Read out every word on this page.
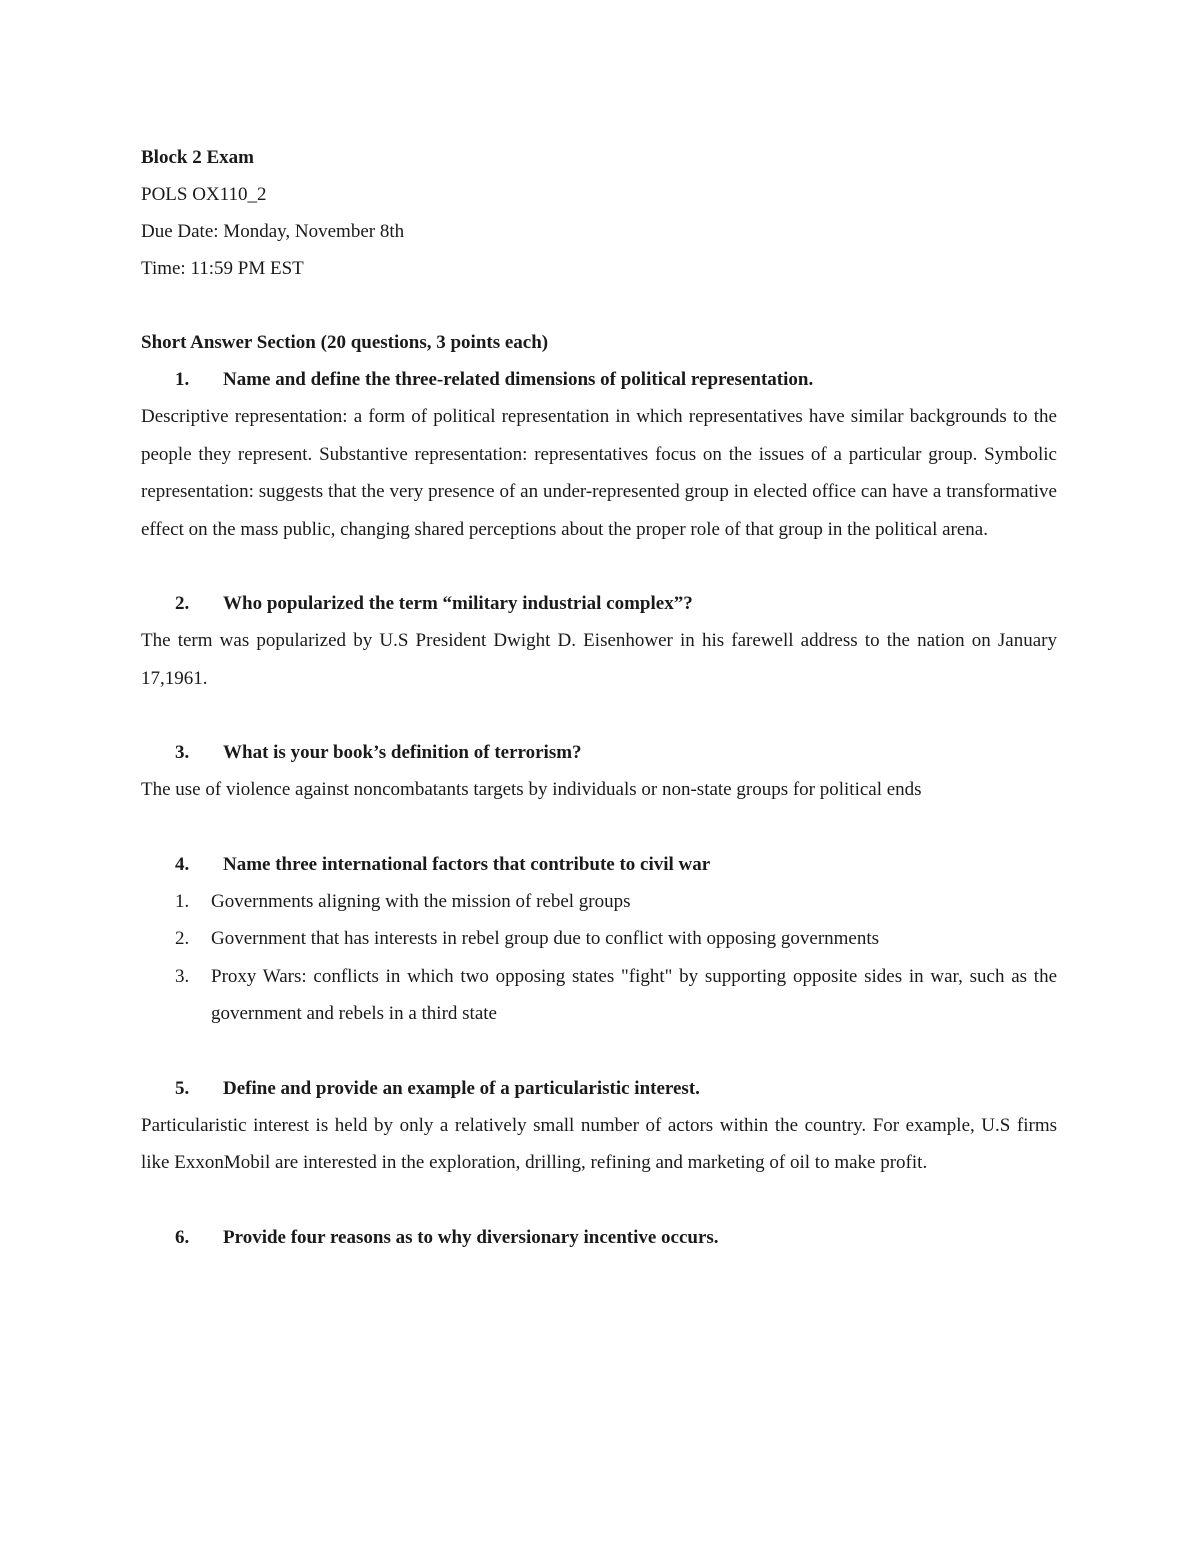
Block 2 Exam

POLS OX110_2

Due Date: Monday, November 8th

Time: 11:59 PM EST

Short Answer Section (20 questions, 3 points each)

1.	Name and define the three-related dimensions of political representation.

Descriptive representation: a form of political representation in which representatives have similar backgrounds to the people they represent. Substantive representation: representatives focus on the issues of a particular group. Symbolic representation: suggests that the very presence of an under-represented group in elected office can have a transformative effect on the mass public, changing shared perceptions about the proper role of that group in the political arena.

2.	Who popularized the term “military industrial complex”?

The term was popularized by U.S President Dwight D. Eisenhower in his farewell address to the nation on January 17,1961.

3.	What is your book’s definition of terrorism?

The use of violence against noncombatants targets by individuals or non-state groups for political ends

4.	Name three international factors that contribute to civil war
1.	Governments aligning with the mission of rebel groups
2.	Government that has interests in rebel group due to conflict with opposing governments
3.	Proxy Wars: conflicts in which two opposing states "fight" by supporting opposite sides in war, such as the government and rebels in a third state
5.	Define and provide an example of a particularistic interest.

Particularistic interest is held by only a relatively small number of actors within the country. For example, U.S firms like ExxonMobil are interested in the exploration, drilling, refining and marketing of oil to make profit.

6.	Provide four reasons as to why diversionary incentive occurs.
